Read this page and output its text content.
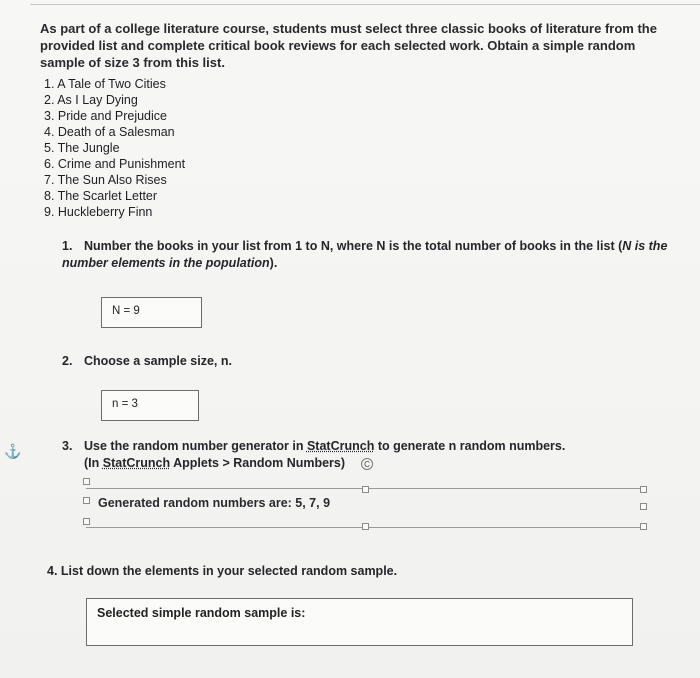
As part of a college literature course, students must select three classic books of literature from the provided list and complete critical book reviews for each selected work. Obtain a simple random sample of size 3 from this list.
1. A Tale of Two Cities
2. As I Lay Dying
3. Pride and Prejudice
4. Death of a Salesman
5. The Jungle
6. Crime and Punishment
7. The Sun Also Rises
8. The Scarlet Letter
9. Huckleberry Finn
1. Number the books in your list from 1 to N, where N is the total number of books in the list (N is the number elements in the population).
N = 9
2. Choose a sample size, n.
n = 3
⚓	3. Use the random number generator in StatCrunch to generate n random numbers.
(In StatCrunch Applets > Random Numbers)	C
Generated random numbers are: 5, 7, 9
4. List down the elements in your selected random sample.
Selected simple random sample is:
